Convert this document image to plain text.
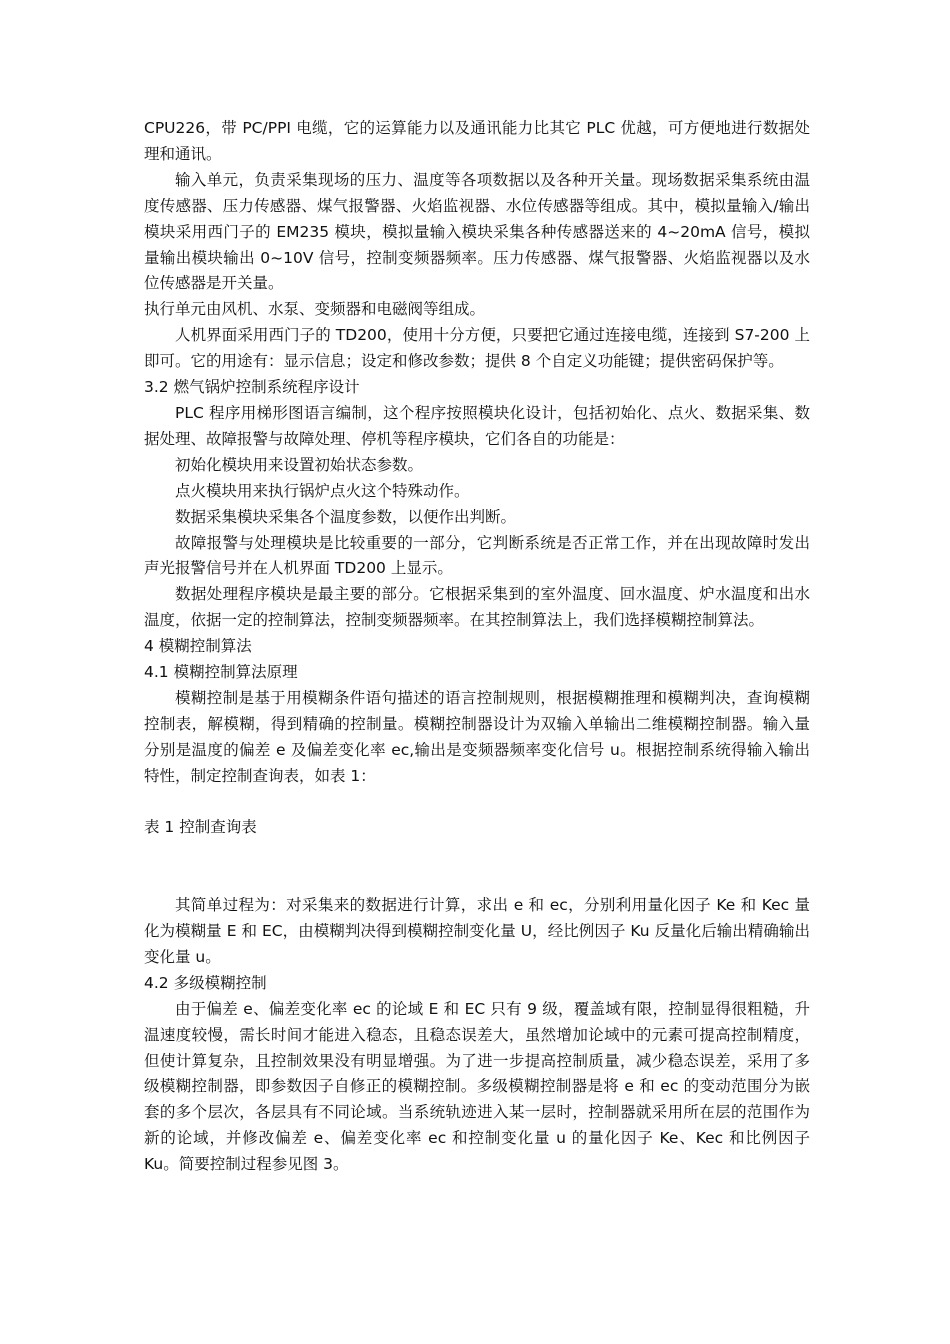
CPU226，带 PC/PPI 电缆，它的运算能力以及通讯能力比其它 PLC 优越，可方便地进行数据处理和通讯。

输入单元，负责采集现场的压力、温度等各项数据以及各种开关量。现场数据采集系统由温度传感器、压力传感器、煤气报警器、火焰监视器、水位传感器等组成。其中，模拟量输入/输出模块采用西门子的 EM235 模块，模拟量输入模块采集各种传感器送来的 4~20mA 信号，模拟量输出模块输出 0~10V 信号，控制变频器频率。压力传感器、煤气报警器、火焰监视器以及水位传感器是开关量。

执行单元由风机、水泵、变频器和电磁阀等组成。

人机界面采用西门子的 TD200，使用十分方便，只要把它通过连接电缆，连接到 S7-200 上即可。它的用途有：显示信息；设定和修改参数；提供 8 个自定义功能键；提供密码保护等。

3.2 燃气锅炉控制系统程序设计

PLC 程序用梯形图语言编制，这个程序按照模块化设计，包括初始化、点火、数据采集、数据处理、故障报警与故障处理、停机等程序模块，它们各自的功能是：

初始化模块用来设置初始状态参数。

点火模块用来执行锅炉点火这个特殊动作。

数据采集模块采集各个温度参数，以便作出判断。

故障报警与处理模块是比较重要的一部分，它判断系统是否正常工作，并在出现故障时发出声光报警信号并在人机界面 TD200 上显示。

数据处理程序模块是最主要的部分。它根据采集到的室外温度、回水温度、炉水温度和出水温度，依据一定的控制算法，控制变频器频率。在其控制算法上，我们选择模糊控制算法。

4 模糊控制算法

4.1 模糊控制算法原理

模糊控制是基于用模糊条件语句描述的语言控制规则，根据模糊推理和模糊判决，查询模糊控制表，解模糊，得到精确的控制量。模糊控制器设计为双输入单输出二维模糊控制器。输入量分别是温度的偏差 e 及偏差变化率 ec,输出是变频器频率变化信号 u。根据控制系统得输入输出特性，制定控制查询表，如表 1：

表 1 控制查询表

其简单过程为：对采集来的数据进行计算，求出 e 和 ec，分别利用量化因子 Ke 和 Kec 量化为模糊量 E 和 EC，由模糊判决得到模糊控制变化量 U，经比例因子 Ku 反量化后输出精确输出变化量 u。

4.2 多级模糊控制

由于偏差 e、偏差变化率 ec 的论域 E 和 EC 只有 9 级，覆盖域有限，控制显得很粗糙，升温速度较慢，需长时间才能进入稳态，且稳态误差大，虽然增加论域中的元素可提高控制精度，但使计算复杂，且控制效果没有明显增强。为了进一步提高控制质量，减少稳态误差，采用了多级模糊控制器，即参数因子自修正的模糊控制。多级模糊控制器是将 e 和 ec 的变动范围分为嵌套的多个层次，各层具有不同论域。当系统轨迹进入某一层时，控制器就采用所在层的范围作为新的论域，并修改偏差 e、偏差变化率 ec 和控制变化量 u 的量化因子 Ke、Kec 和比例因子 Ku。简要控制过程参见图 3。
